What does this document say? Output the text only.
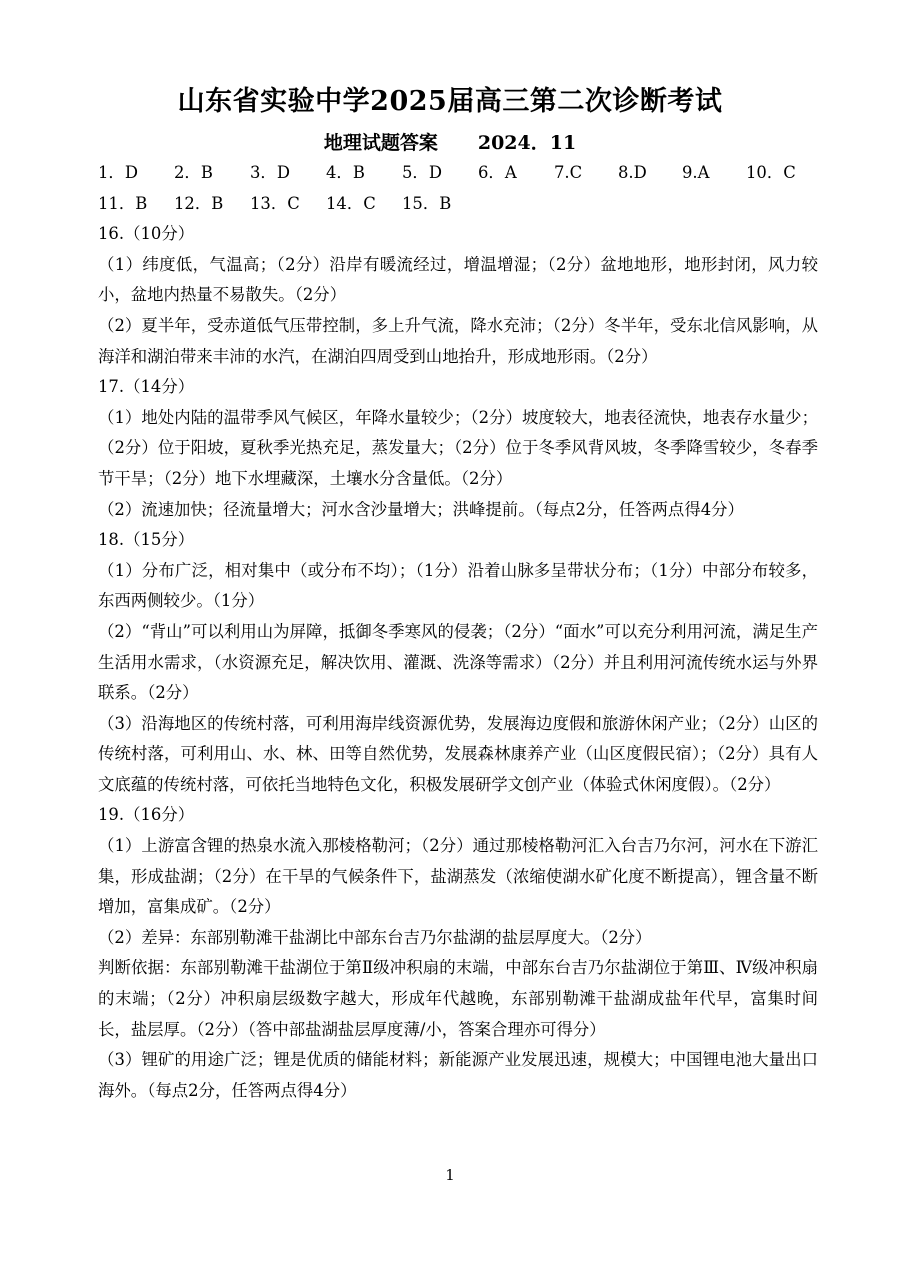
山东省实验中学2025届高三第二次诊断考试
地理试题答案 2024．11
1．D 2．B 3．D 4．B 5．D 6．A 7.C 8.D 9.A 10．C
11．B 12．B 13．C 14．C 15．B
16.（10分）
（1）纬度低，气温高；（2分）沿岸有暖流经过，增温增湿；（2分）盆地地形，地形封闭，风力较小，盆地内热量不易散失。（2分）
（2）夏半年，受赤道低气压带控制，多上升气流，降水充沛；（2分）冬半年，受东北信风影响，从海洋和湖泊带来丰沛的水汽，在湖泊四周受到山地抬升，形成地形雨。（2分）
17.（14分）
（1）地处内陆的温带季风气候区，年降水量较少；（2分）坡度较大，地表径流快，地表存水量少；（2分）位于阳坡，夏秋季光热充足，蒸发量大；（2分）位于冬季风背风坡，冬季降雪较少，冬春季节干旱；（2分）地下水埋藏深，土壤水分含量低。（2分）
（2）流速加快；径流量增大；河水含沙量增大；洪峰提前。（每点2分，任答两点得4分）
18.（15分）
（1）分布广泛，相对集中（或分布不均）；（1分）沿着山脉多呈带状分布；（1分）中部分布较多，东西两侧较少。（1分）
（2）“背山”可以利用山为屏障，抵御冬季寒风的侵袭；（2分）“面水”可以充分利用河流，满足生产生活用水需求，（水资源充足，解决饮用、灌溉、洗涤等需求）（2分）并且利用河流传统水运与外界联系。（2分）
（3）沿海地区的传统村落，可利用海岸线资源优势，发展海边度假和旅游休闲产业；（2分）山区的传统村落，可利用山、水、林、田等自然优势，发展森林康养产业（山区度假民宿）；（2分）具有人文底蕴的传统村落，可依托当地特色文化，积极发展研学文创产业（体验式休闲度假）。（2分）
19.（16分）
（1）上游富含锂的热泉水流入那棱格勒河；（2分）通过那棱格勒河汇入台吉乃尔河，河水在下游汇集，形成盐湖；（2分）在干旱的气候条件下，盐湖蒸发（浓缩使湖水矿化度不断提高），锂含量不断增加，富集成矿。（2分）
（2）差异：东部别勒滩干盐湖比中部东台吉乃尔盐湖的盐层厚度大。（2分）
判断依据：东部别勒滩干盐湖位于第Ⅱ级冲积扇的末端，中部东台吉乃尔盐湖位于第Ⅲ、Ⅳ级冲积扇的末端；（2分）冲积扇层级数字越大，形成年代越晚，东部别勒滩干盐湖成盐年代早，富集时间长，盐层厚。（2分）（答中部盐湖盐层厚度薄/小，答案合理亦可得分）
（3）锂矿的用途广泛；锂是优质的储能材料；新能源产业发展迅速，规模大；中国锂电池大量出口海外。（每点2分，任答两点得4分）
1
